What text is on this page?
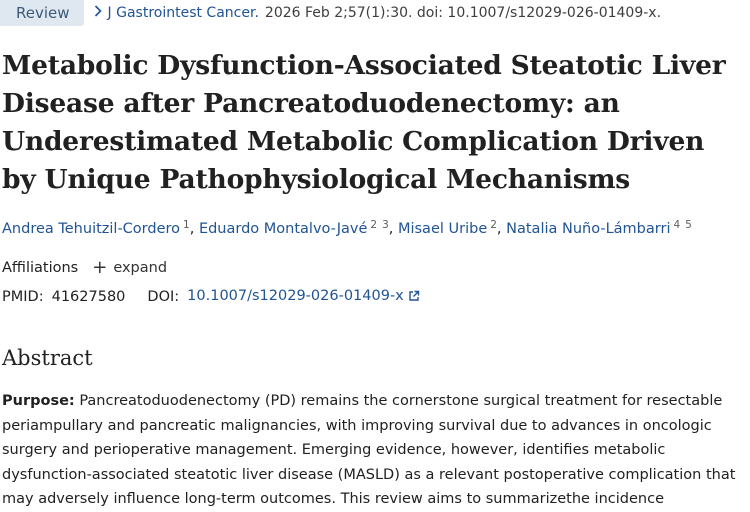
Review	J Gastrointest Cancer. 2026 Feb 2;57(1):30. doi: 10.1007/s12029-026-01409-x.
Metabolic Dysfunction-Associated Steatotic Liver Disease after Pancreatoduodenectomy: an Underestimated Metabolic Complication Driven by Unique Pathophysiological Mechanisms
Andrea Tehuitzil-Cordero $^1$, Eduardo Montalvo-Javé $^2$ $^3$, Misael Uribe $^2$, Natalia Nuño-Lámbarri $^4$ $^5$
Affiliations + expand
PMID: 41627580 DOI: 10.1007/s12029-026-01409-x
Abstract

Purpose: Pancreatoduodenectomy (PD) remains the cornerstone surgical treatment for resectable periampullary and pancreatic malignancies, with improving survival due to advances in oncologic surgery and perioperative management. Emerging evidence, however, identifies metabolic dysfunction-associated steatotic liver disease (MASLD) as a relevant postoperative complication that may adversely influence long-term outcomes. This review aims to summarizethe incidence
